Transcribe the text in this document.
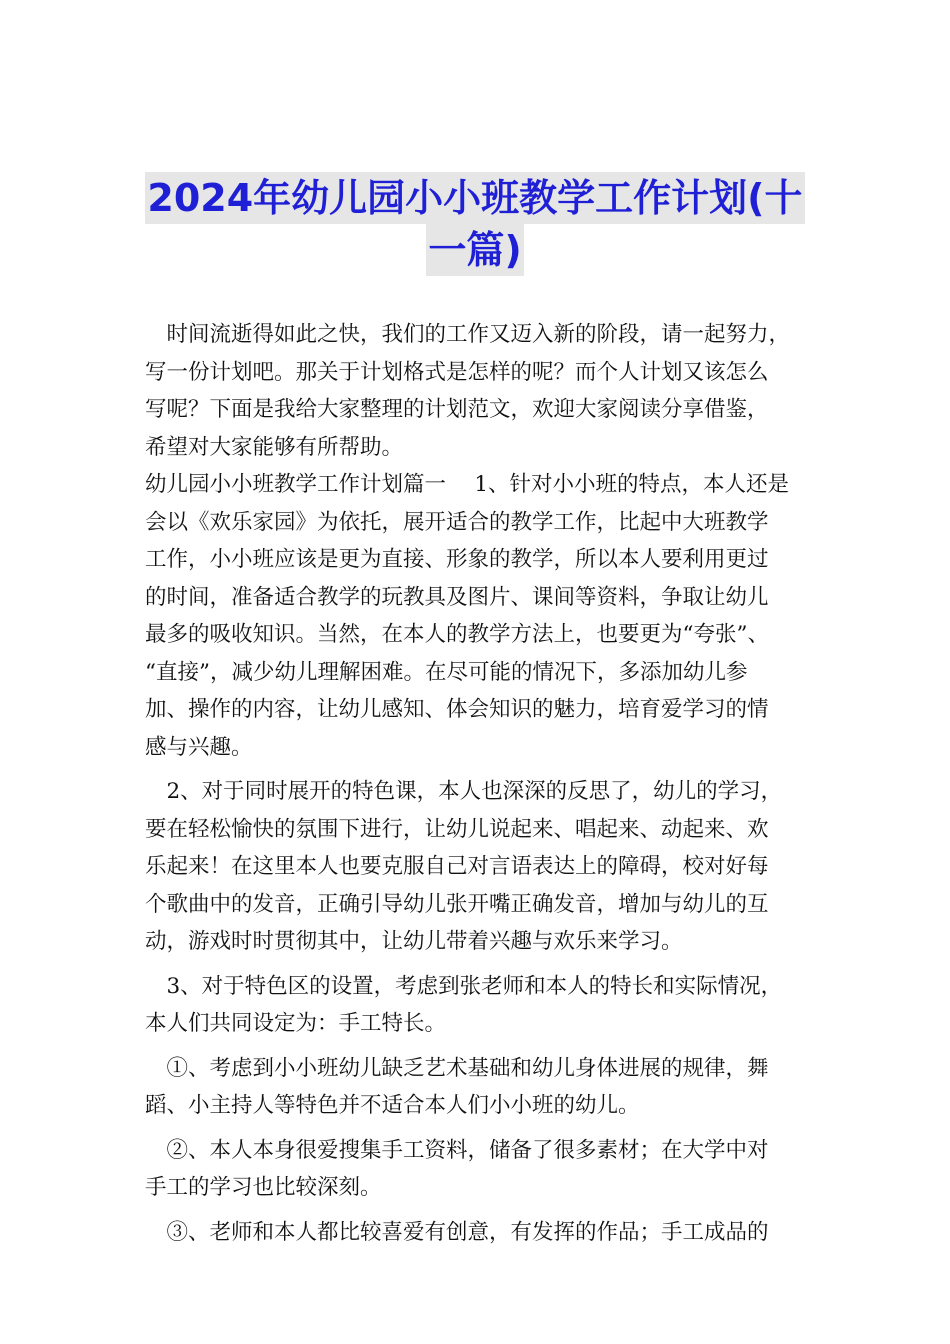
2024年幼儿园小小班教学工作计划(十
一篇)
　时间流逝得如此之快，我们的工作又迈入新的阶段，请一起努力，
写一份计划吧。那关于计划格式是怎样的呢？而个人计划又该怎么
写呢？下面是我给大家整理的计划范文，欢迎大家阅读分享借鉴，
希望对大家能够有所帮助。
幼儿园小小班教学工作计划篇一　 1、针对小小班的特点，本人还是
会以《欢乐家园》为依托，展开适合的教学工作，比起中大班教学
工作，小小班应该是更为直接、形象的教学，所以本人要利用更过
的时间，准备适合教学的玩教具及图片、课间等资料，争取让幼儿
最多的吸收知识。当然，在本人的教学方法上，也要更为“夸张”、
“直接”，减少幼儿理解困难。在尽可能的情况下，多添加幼儿参
加、操作的内容，让幼儿感知、体会知识的魅力，培育爱学习的情
感与兴趣。
　2、对于同时展开的特色课，本人也深深的反思了，幼儿的学习，
要在轻松愉快的氛围下进行，让幼儿说起来、唱起来、动起来、欢
乐起来！在这里本人也要克服自己对言语表达上的障碍，校对好每
个歌曲中的发音，正确引导幼儿张开嘴正确发音，增加与幼儿的互
动，游戏时时贯彻其中，让幼儿带着兴趣与欢乐来学习。
　3、对于特色区的设置，考虑到张老师和本人的特长和实际情况，
本人们共同设定为：手工特长。
　①、考虑到小小班幼儿缺乏艺术基础和幼儿身体进展的规律，舞
蹈、小主持人等特色并不适合本人们小小班的幼儿。
　②、本人本身很爱搜集手工资料，储备了很多素材；在大学中对
手工的学习也比较深刻。
　③、老师和本人都比较喜爱有创意，有发挥的作品；手工成品的
